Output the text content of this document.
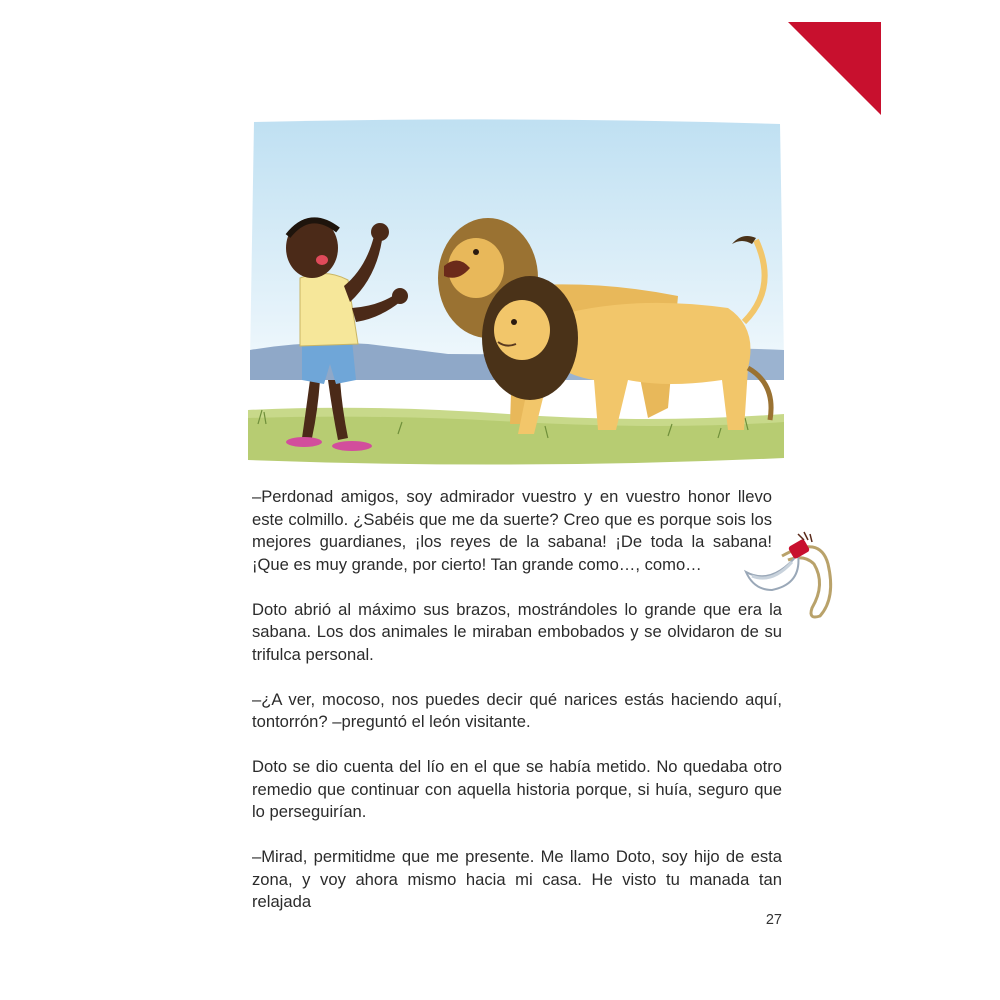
–Perdonad amigos, soy admirador vuestro y en vuestro honor llevo este colmillo. ¿Sabéis que me da suerte? Creo que es porque sois los mejores guardianes, ¡los reyes de la sabana! ¡De toda la sabana! ¡Que es muy grande, por cierto! Tan grande como…, como…

Doto abrió al máximo sus brazos, mostrándoles lo grande que era la sabana. Los dos animales le miraban embobados y se olvidaron de su trifulca personal.

–¿A ver, mocoso, nos puedes decir qué narices estás haciendo aquí, tontorrón? –preguntó el león visitante.

Doto se dio cuenta del lío en el que se había metido. No quedaba otro remedio que continuar con aquella historia porque, si huía, seguro que lo perseguirían.

–Mirad, permitidme que me presente. Me llamo Doto, soy hijo de esta zona, y voy ahora mismo hacia mi casa. He visto tu manada tan relajada

27
